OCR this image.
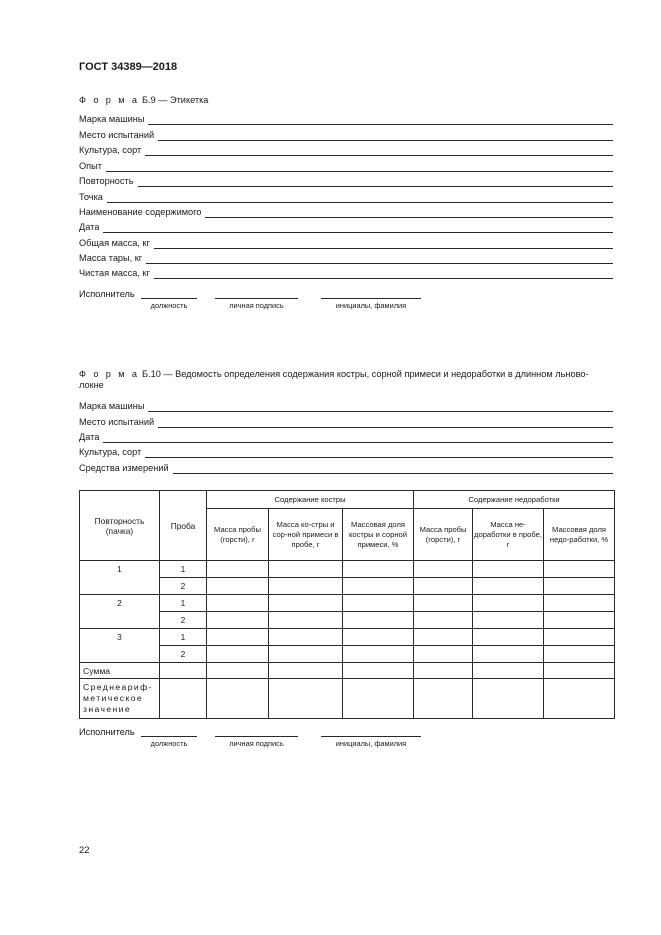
ГОСТ 34389—2018
Ф о р м а Б.9 — Этикетка
Марка машины
Место испытаний
Культура, сорт
Опыт
Повторность
Точка
Наименование содержимого
Дата
Общая масса, кг
Масса тары, кг
Чистая масса, кг
Исполнитель
должность	личная подпись	инициалы, фамилия
Ф о р м а Б.10 — Ведомость определения содержания костры, сорной примеси и недоработки в длинном льново-
локне
Марка машины
Место испытаний
Дата
Культура, сорт
Средства измерений
Повторность (пачка)	Проба	Содержание костры			Содержание недоработки		
		Масса пробы (горсти), г	Масса ко-стры и сор-ной примеси в пробе, г	Массовая доля костры и сорной примеси, %	Масса пробы (горсти), г	Масса не-доработки в пробе, г	Массовая доля недо-работки, %
1	1						
	2						
2	1						
	2						
3	1						
	2						
Сумма							
Среднеариф-метическое значение							
Исполнитель
должность	личная подпись	инициалы, фамилия
22
